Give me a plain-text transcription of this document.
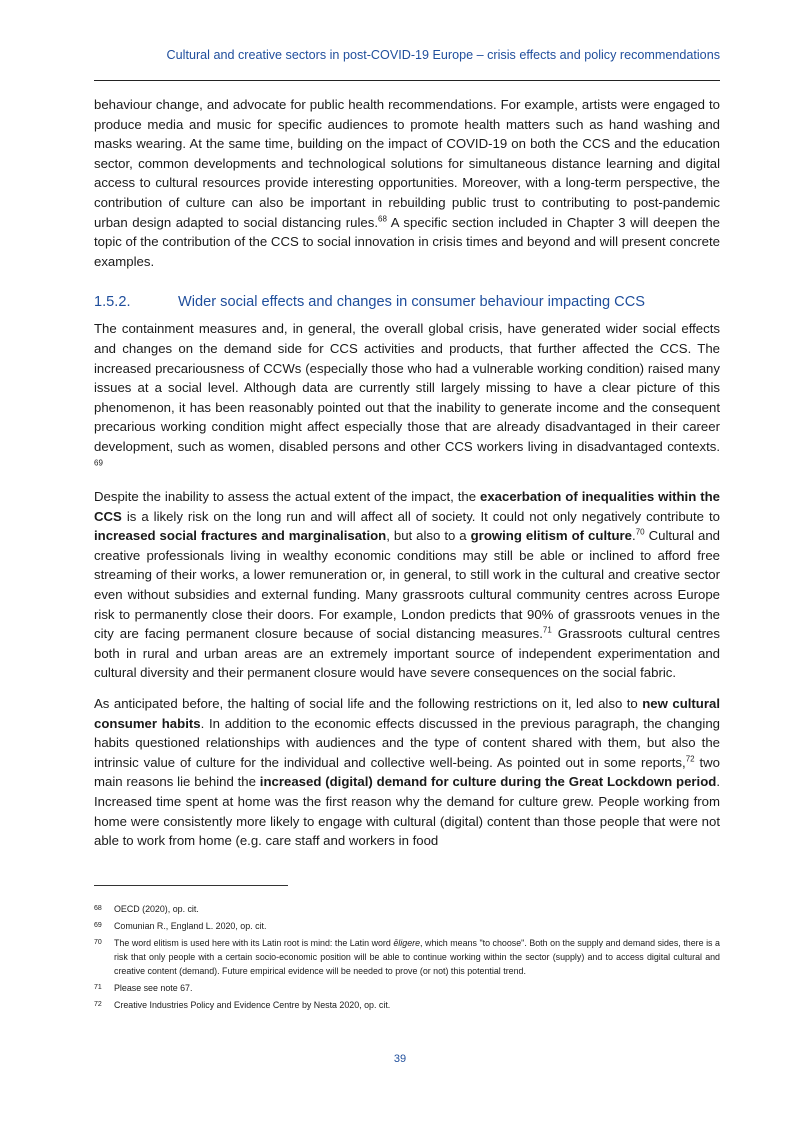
Cultural and creative sectors in post-COVID-19 Europe – crisis effects and policy recommendations

behaviour change, and advocate for public health recommendations. For example, artists were engaged to produce media and music for specific audiences to promote health matters such as hand washing and masks wearing. At the same time, building on the impact of COVID-19 on both the CCS and the education sector, common developments and technological solutions for simultaneous distance learning and digital access to cultural resources provide interesting opportunities. Moreover, with a long-term perspective, the contribution of culture can also be important in rebuilding public trust to contributing to post-pandemic urban design adapted to social distancing rules.$^{68}$ A specific section included in Chapter 3 will deepen the topic of the contribution of the CCS to social innovation in crisis times and beyond and will present concrete examples.

1.5.2.	Wider social effects and changes in consumer behaviour impacting CCS

The containment measures and, in general, the overall global crisis, have generated wider social effects and changes on the demand side for CCS activities and products, that further affected the CCS. The increased precariousness of CCWs (especially those who had a vulnerable working condition) raised many issues at a social level. Although data are currently still largely missing to have a clear picture of this phenomenon, it has been reasonably pointed out that the inability to generate income and the consequent precarious working condition might affect especially those that are already disadvantaged in their career development, such as women, disabled persons and other CCS workers living in disadvantaged contexts. $^{69}$

Despite the inability to assess the actual extent of the impact, the exacerbation of inequalities within the CCS is a likely risk on the long run and will affect all of society. It could not only negatively contribute to increased social fractures and marginalisation, but also to a growing elitism of culture.$^{70}$ Cultural and creative professionals living in wealthy economic conditions may still be able or inclined to afford free streaming of their works, a lower remuneration or, in general, to still work in the cultural and creative sector even without subsidies and external funding. Many grassroots cultural community centres across Europe risk to permanently close their doors. For example, London predicts that 90% of grassroots venues in the city are facing permanent closure because of social distancing measures.$^{71}$ Grassroots cultural centres both in rural and urban areas are an extremely important source of independent experimentation and cultural diversity and their permanent closure would have severe consequences on the social fabric.

As anticipated before, the halting of social life and the following restrictions on it, led also to new cultural consumer habits. In addition to the economic effects discussed in the previous paragraph, the changing habits questioned relationships with audiences and the type of content shared with them, but also the intrinsic value of culture for the individual and collective well-being. As pointed out in some reports,$^{72}$ two main reasons lie behind the increased (digital) demand for culture during the Great Lockdown period. Increased time spent at home was the first reason why the demand for culture grew. People working from home were consistently more likely to engage with cultural (digital) content than those people that were not able to work from home (e.g. care staff and workers in food

68	OECD (2020), op. cit.
69	Comunian R., England L. 2020, op. cit.
70	The word elitism is used here with its Latin root is mind: the Latin word ēligere, which means "to choose". Both on the supply and demand sides, there is a risk that only people with a certain socio-economic position will be able to continue working within the sector (supply) and to access digital cultural and creative content (demand). Future empirical evidence will be needed to prove (or not) this potential trend.
71	Please see note 67.
72	Creative Industries Policy and Evidence Centre by Nesta 2020, op. cit.
39
